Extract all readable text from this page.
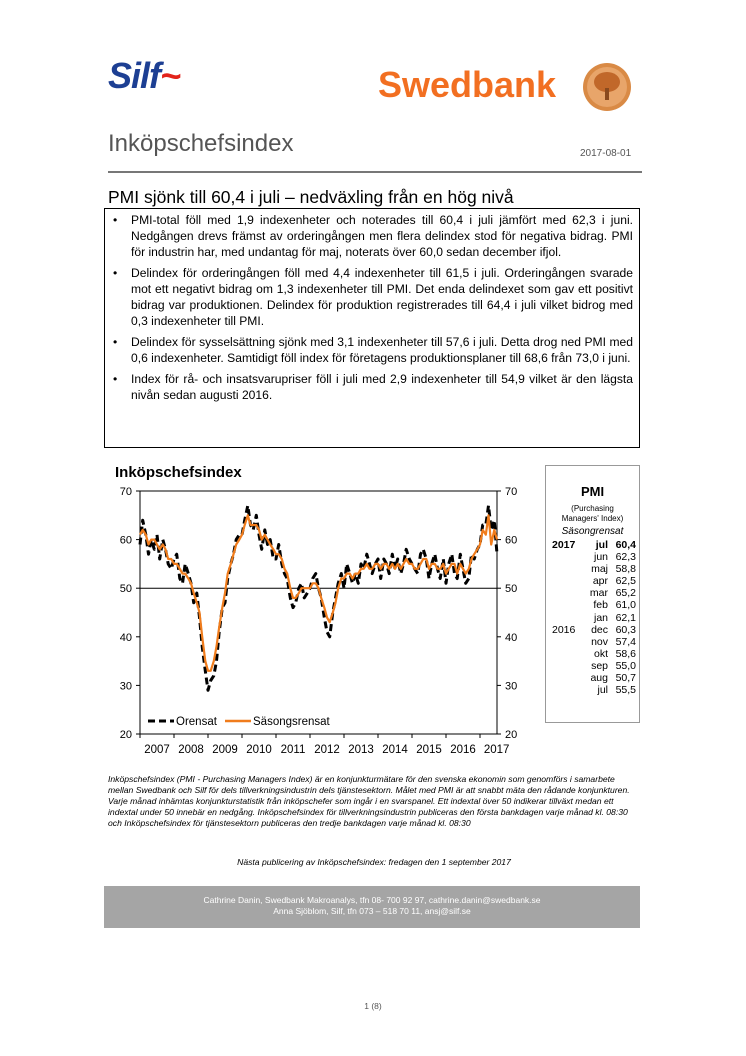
Silf~	Swedbank
Inköpschefsindex	2017-08-01
PMI sjönk till 60,4 i juli – nedväxling från en hög nivå
• PMI-total föll med 1,9 indexenheter och noterades till 60,4 i juli jämfört med 62,3 i juni. Nedgången drevs främst av orderingången men flera delindex stod för negativa bidrag. PMI för industrin har, med undantag för maj, noterats över 60,0 sedan december ifjol.
• Delindex för orderingången föll med 4,4 indexenheter till 61,5 i juli. Orderingången svarade mot ett negativt bidrag om 1,3 indexenheter till PMI. Det enda delindexet som gav ett positivt bidrag var produktionen. Delindex för produktion registrerades till 64,4 i juli vilket bidrog med 0,3 indexenheter till PMI.
• Delindex för sysselsättning sjönk med 3,1 indexenheter till 57,6 i juli. Detta drog ned PMI med 0,6 indexenheter. Samtidigt föll index för företagens produktionsplaner till 68,6 från 73,0 i juni.
• Index för rå- och insatsvarupriser föll i juli med 2,9 indexenheter till 54,9 vilket är den lägsta nivån sedan augusti 2016.
Inköpschefsindex
20	20
30	30
40	40
50	50
60	60
70	70
2007 2008 2009 2010 2011 2012 2013 2014 2015 2016 2017
Orensat	Säsongsrensat
PMI
(Purchasing
Managers' Index)
Säsongrensat
2017	jul	60,4
	jun	62,3
	maj	58,8
	apr	62,5
	mar	65,2
	feb	61,0
	jan	62,1
2016	dec	60,3
	nov	57,4
	okt	58,6
	sep	55,0
	aug	50,7
	jul	55,5
Inköpschefsindex (PMI - Purchasing Managers Index) är en konjunkturmätare för den svenska ekonomin som genomförs i samarbete mellan Swedbank och Silf för dels tillverkningsindustrin dels tjänstesektorn. Målet med PMI är att snabbt mäta den rådande konjunkturen. Varje månad inhämtas konjunkturstatistik från inköpschefer som ingår i en svarspanel. Ett indextal över 50 indikerar tillväxt medan ett indextal under 50 innebär en nedgång. Inköpschefsindex för tillverkningsindustrin publiceras den första bankdagen varje månad kl. 08:30 och Inköpschefsindex för tjänstesektorn publiceras den tredje bankdagen varje månad kl. 08:30
Nästa publicering av Inköpschefsindex: fredagen den 1 september 2017
Cathrine Danin, Swedbank Makroanalys, tfn 08- 700 92 97, cathrine.danin@swedbank.se
Anna Sjöblom, Silf, tfn 073 – 518 70 11, ansj@silf.se
1 (8)
